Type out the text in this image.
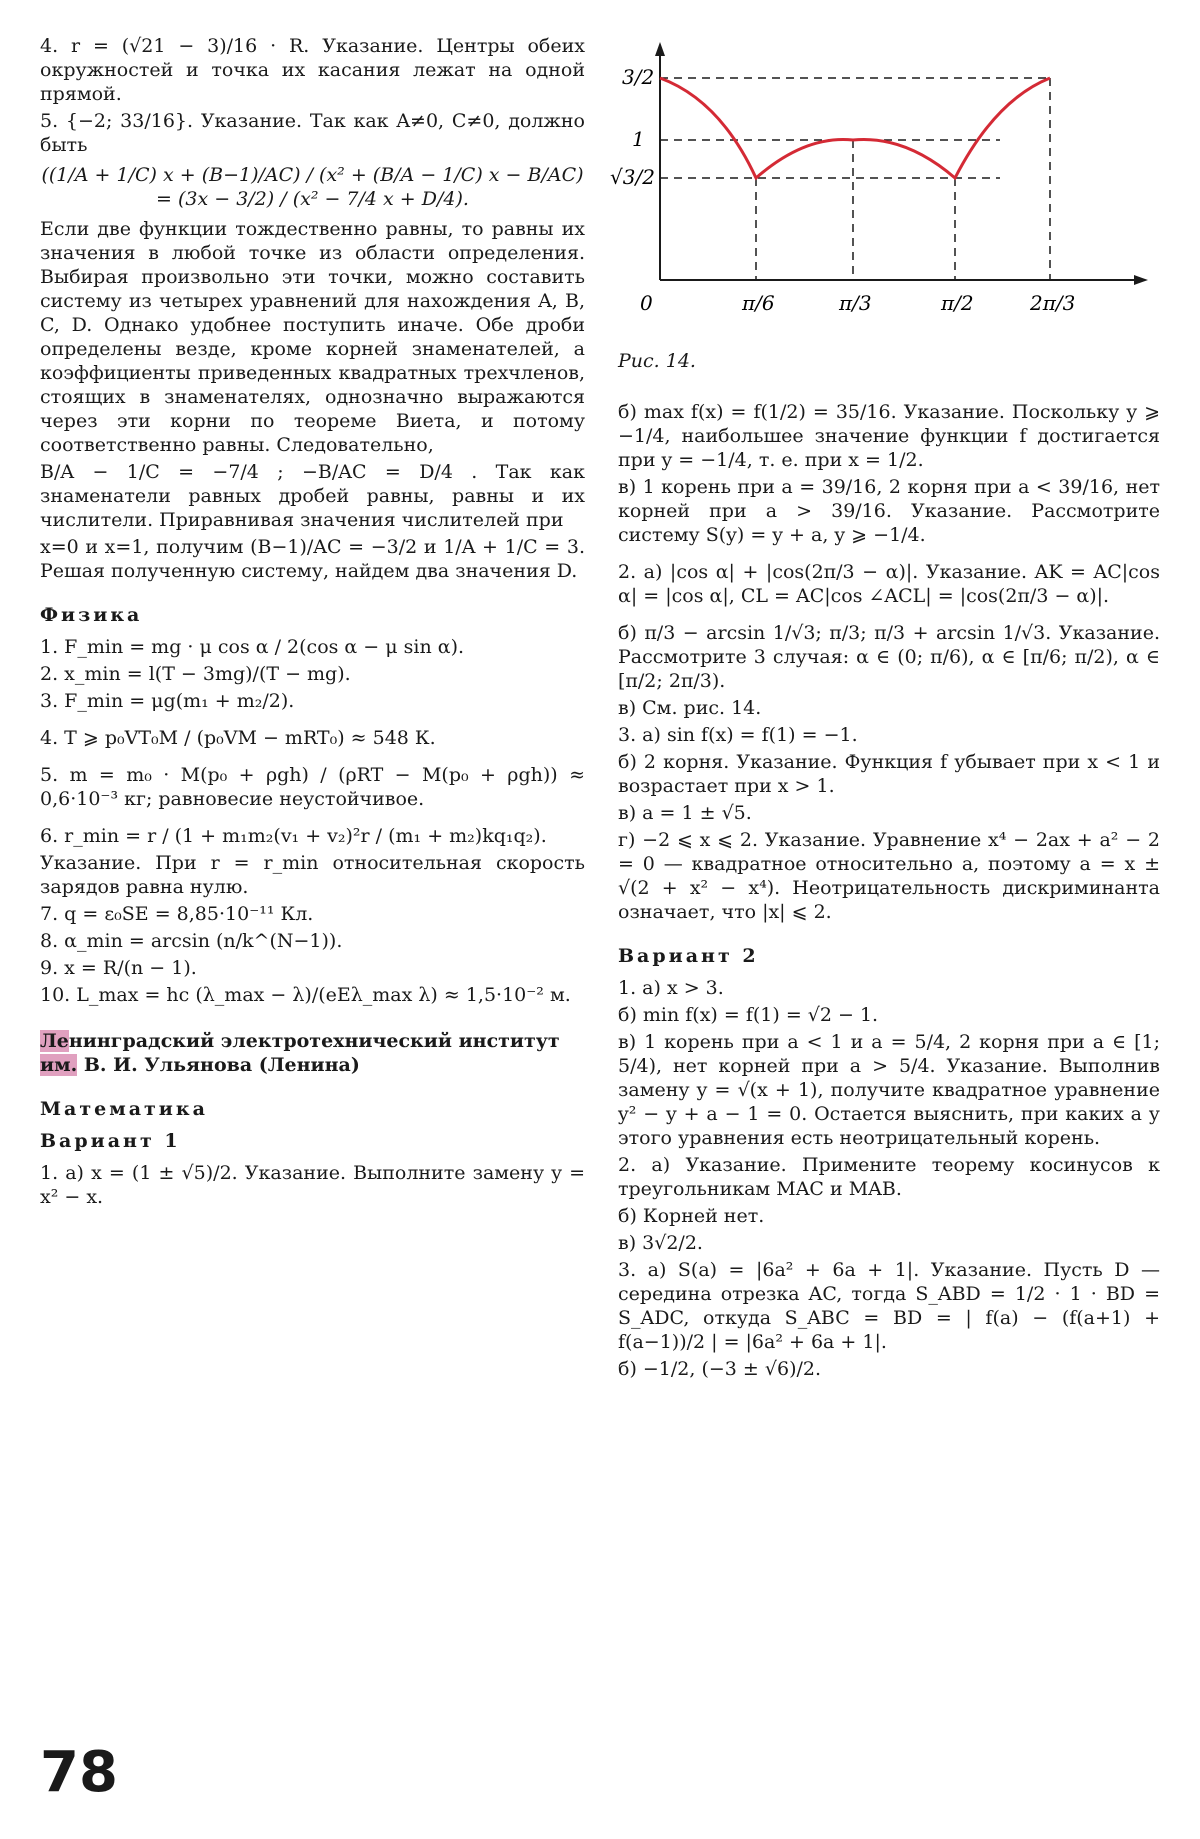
4. r = (√21 − 3)/16 · R. Указание. Центры обеих окружностей и точка их касания лежат на одной прямой.

5. {−2; 33/16}. Указание. Так как A≠0, C≠0, должно быть

((1/A + 1/C) x + (B−1)/AC) / (x² + (B/A − 1/C) x − B/AC) = (3x − 3/2) / (x² − 7/4 x + D/4).

Если две функции тождественно равны, то равны их значения в любой точке из области определения. Выбирая произвольно эти точки, можно составить систему из четырех уравнений для нахождения A, B, C, D. Однако удобнее поступить иначе. Обе дроби определены везде, кроме корней знаменателей, а коэффициенты приведенных квадратных трехчленов, стоящих в знаменателях, однозначно выражаются через эти корни по теореме Виета, и потому соответственно равны. Следовательно,

B/A − 1/C = −7/4 ; −B/AC = D/4 . Так как знаменатели равных дробей равны, равны и их числители. Приравнивая значения числителей при

x=0 и x=1, получим (B−1)/AC = −3/2 и 1/A + 1/C = 3. Решая полученную систему, найдем два значения D.

Физика

1. F_min = mg · μ cos α / 2(cos α − μ sin α).

2. x_min = l(T − 3mg)/(T − mg).

3. F_min = μg(m₁ + m₂/2).

4. T ⩾ p₀VT₀M / (p₀VM − mRT₀) ≈ 548 К.

5. m = m₀ · M(p₀ + ρgh) / (ρRT − M(p₀ + ρgh)) ≈ 0,6·10⁻³ кг; равновесие неустойчивое.

6. r_min = r / (1 + m₁m₂(v₁ + v₂)²r / (m₁ + m₂)kq₁q₂).

Указание. При r = r_min относительная скорость зарядов равна нулю.

7. q = ε₀SE = 8,85·10⁻¹¹ Кл.

8. α_min = arcsin (n/k^(N−1)).

9. x = R/(n − 1).

10. L_max = hc (λ_max − λ)/(eEλ_max λ) ≈ 1,5·10⁻² м.

Ленинградский электротехнический институт
им. В. И. Ульянова (Ленина)
Математика
Вариант 1

1. а) x = (1 ± √5)/2. Указание. Выполните замену y = x² − x.

3/2
1
√3/2
0	π/6	π/3	π/2	2π/3
Рис. 14.

б) max f(x) = f(1/2) = 35/16. Указание. Поскольку y ⩾ −1/4, наибольшее значение функции f достигается при y = −1/4, т. е. при x = 1/2.

в) 1 корень при a = 39/16, 2 корня при a < 39/16, нет корней при a > 39/16. Указание. Рассмотрите систему S(y) = y + a, y ⩾ −1/4.

2. а) |cos α| + |cos(2π/3 − α)|. Указание. AK = AC|cos α| = |cos α|, CL = AC|cos ∠ACL| = |cos(2π/3 − α)|.

б) π/3 − arcsin 1/√3; π/3; π/3 + arcsin 1/√3. Указание. Рассмотрите 3 случая: α ∈ (0; π/6), α ∈ [π/6; π/2), α ∈ [π/2; 2π/3).

в) См. рис. 14.

3. а) sin f(x) = f(1) = −1.

б) 2 корня. Указание. Функция f убывает при x < 1 и возрастает при x > 1.

в) a = 1 ± √5.

г) −2 ⩽ x ⩽ 2. Указание. Уравнение x⁴ − 2ax + a² − 2 = 0 — квадратное относительно a, поэтому a = x ± √(2 + x² − x⁴). Неотрицательность дискриминанта означает, что |x| ⩽ 2.

Вариант 2

1. а) x > 3.

б) min f(x) = f(1) = √2 − 1.

в) 1 корень при a < 1 и a = 5/4, 2 корня при a ∈ [1; 5/4), нет корней при a > 5/4. Указание. Выполнив замену y = √(x + 1), получите квадратное уравнение y² − y + a − 1 = 0. Остается выяснить, при каких a у этого уравнения есть неотрицательный корень.

2. а) Указание. Примените теорему косинусов к треугольникам MAC и MAB.

б) Корней нет.

в) 3√2/2.

3. а) S(a) = |6a² + 6a + 1|. Указание. Пусть D — середина отрезка AC, тогда S_ABD = 1/2 · 1 · BD = S_ADC, откуда S_ABC = BD = | f(a) − (f(a+1) + f(a−1))/2 | = |6a² + 6a + 1|.

б) −1/2, (−3 ± √6)/2.

78
